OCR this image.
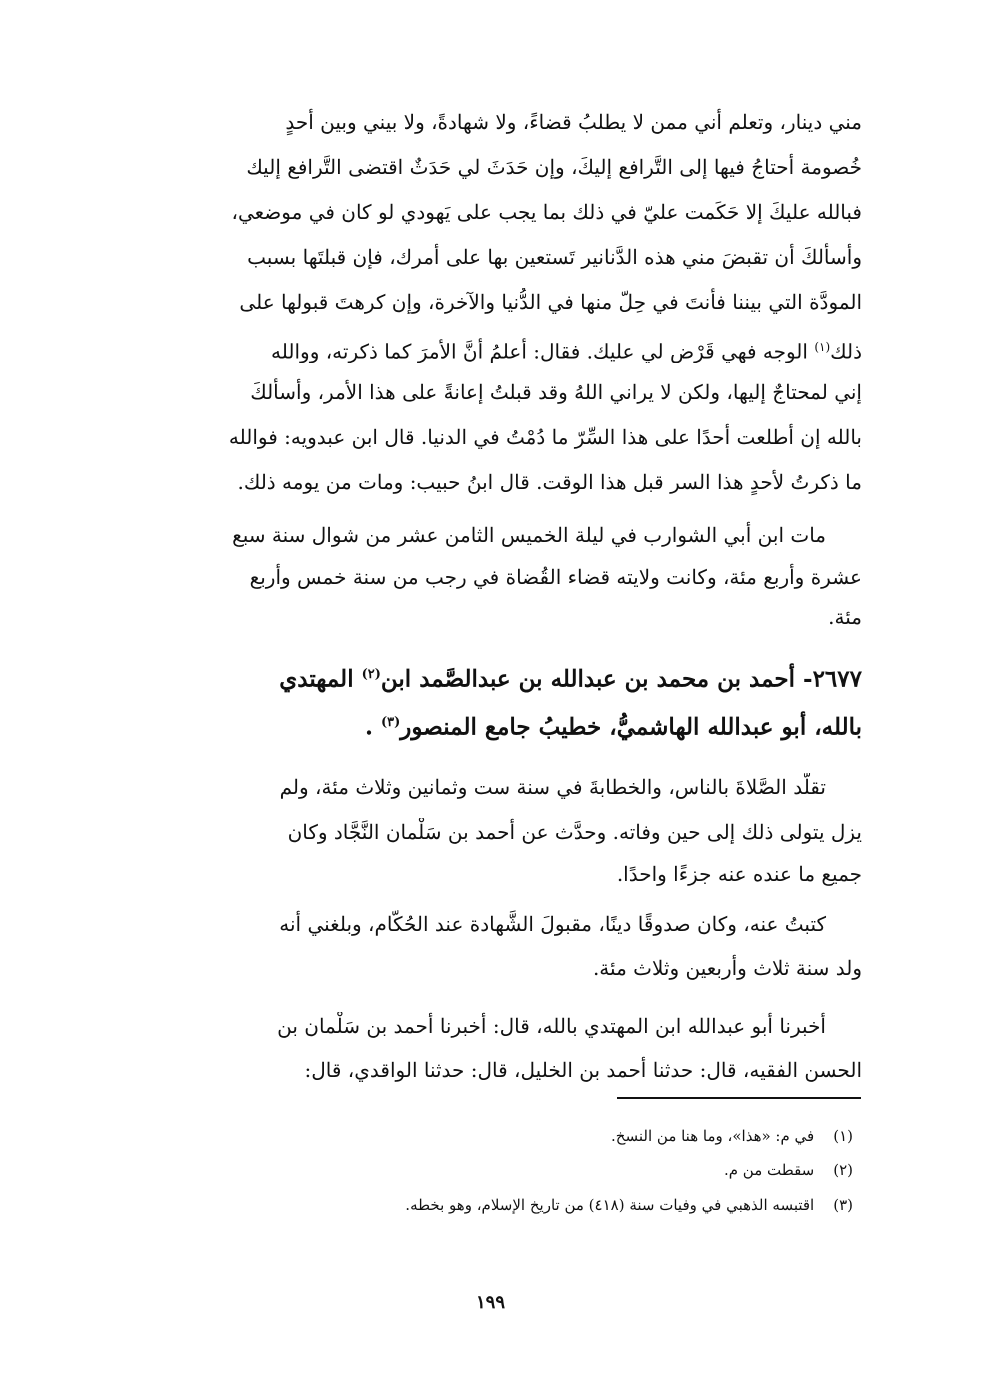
مني دينار، وتعلم أني ممن لا يطلبُ قضاءً، ولا شهادةً، ولا بيني وبين أحدٍ
خُصومة أحتاجُ فيها إلى التَّرافع إليكَ، وإن حَدَثَ لي حَدَثٌ اقتضى التَّرافع إليك
فبالله عليكَ إلا حَكَمت عليّ في ذلك بما يجب على يَهودي لو كان في موضعي،
وأسألكَ أن تقبضَ مني هذه الدَّنانير تَستعين بها على أمرك، فإن قبلتَها بسبب
المودَّة التي بيننا فأنتَ في حِلّ منها في الدُّنيا والآخرة، وإن كرهتَ قبولها على
ذلك$^{(١)}$ الوجه فهي قَرْض لي عليك. فقال: أعلمُ أنَّ الأمرَ كما ذكرته، ووالله
إني لمحتاجٌ إليها، ولكن لا يراني اللهُ وقد قبلتُ إعانةً على هذا الأمر، وأسألكَ
بالله إن أطلعت أحدًا على هذا السِّرّ ما دُمْتُ في الدنيا. قال ابن عبدويه: فوالله
ما ذكرتُ لأحدٍ هذا السر قبل هذا الوقت. قال ابنُ حبيب: ومات من يومه ذلك.
مات ابن أبي الشوارب في ليلة الخميس الثامن عشر من شوال سنة سبع
عشرة وأربع مئة، وكانت ولايته قضاء القُضاة في رجب من سنة خمس وأربع
مئة.
٢٦٧٧- أحمد بن محمد بن عبدالله بن عبدالصَّمد ابن$^{(٢)}$ المهتدي
بالله، أبو عبدالله الهاشميُّ، خطيبُ جامع المنصور$^{(٣)}$ .
تقلَّد الصَّلاةَ بالناس، والخطابةَ في سنة ست وثمانين وثلاث مئة، ولم
يزل يتولى ذلك إلى حين وفاته. وحدَّث عن أحمد بن سَلْمان النَّجَّاد وكان
جميع ما عنده عنه جزءًا واحدًا.
كتبتُ عنه، وكان صدوقًا دينًا، مقبولَ الشَّهادة عند الحُكَّام، وبلغني أنه
ولد سنة ثلاث وأربعين وثلاث مئة.
أخبرنا أبو عبدالله ابن المهتدي بالله، قال: أخبرنا أحمد بن سَلْمان بن
الحسن الفقيه، قال: حدثنا أحمد بن الخليل، قال: حدثنا الواقدي، قال:
(١) في م: «هذا»، وما هنا من النسخ.
(٢) سقطت من م.
(٣) اقتبسه الذهبي في وفيات سنة (٤١٨) من تاريخ الإسلام، وهو بخطه.
١٩٩
